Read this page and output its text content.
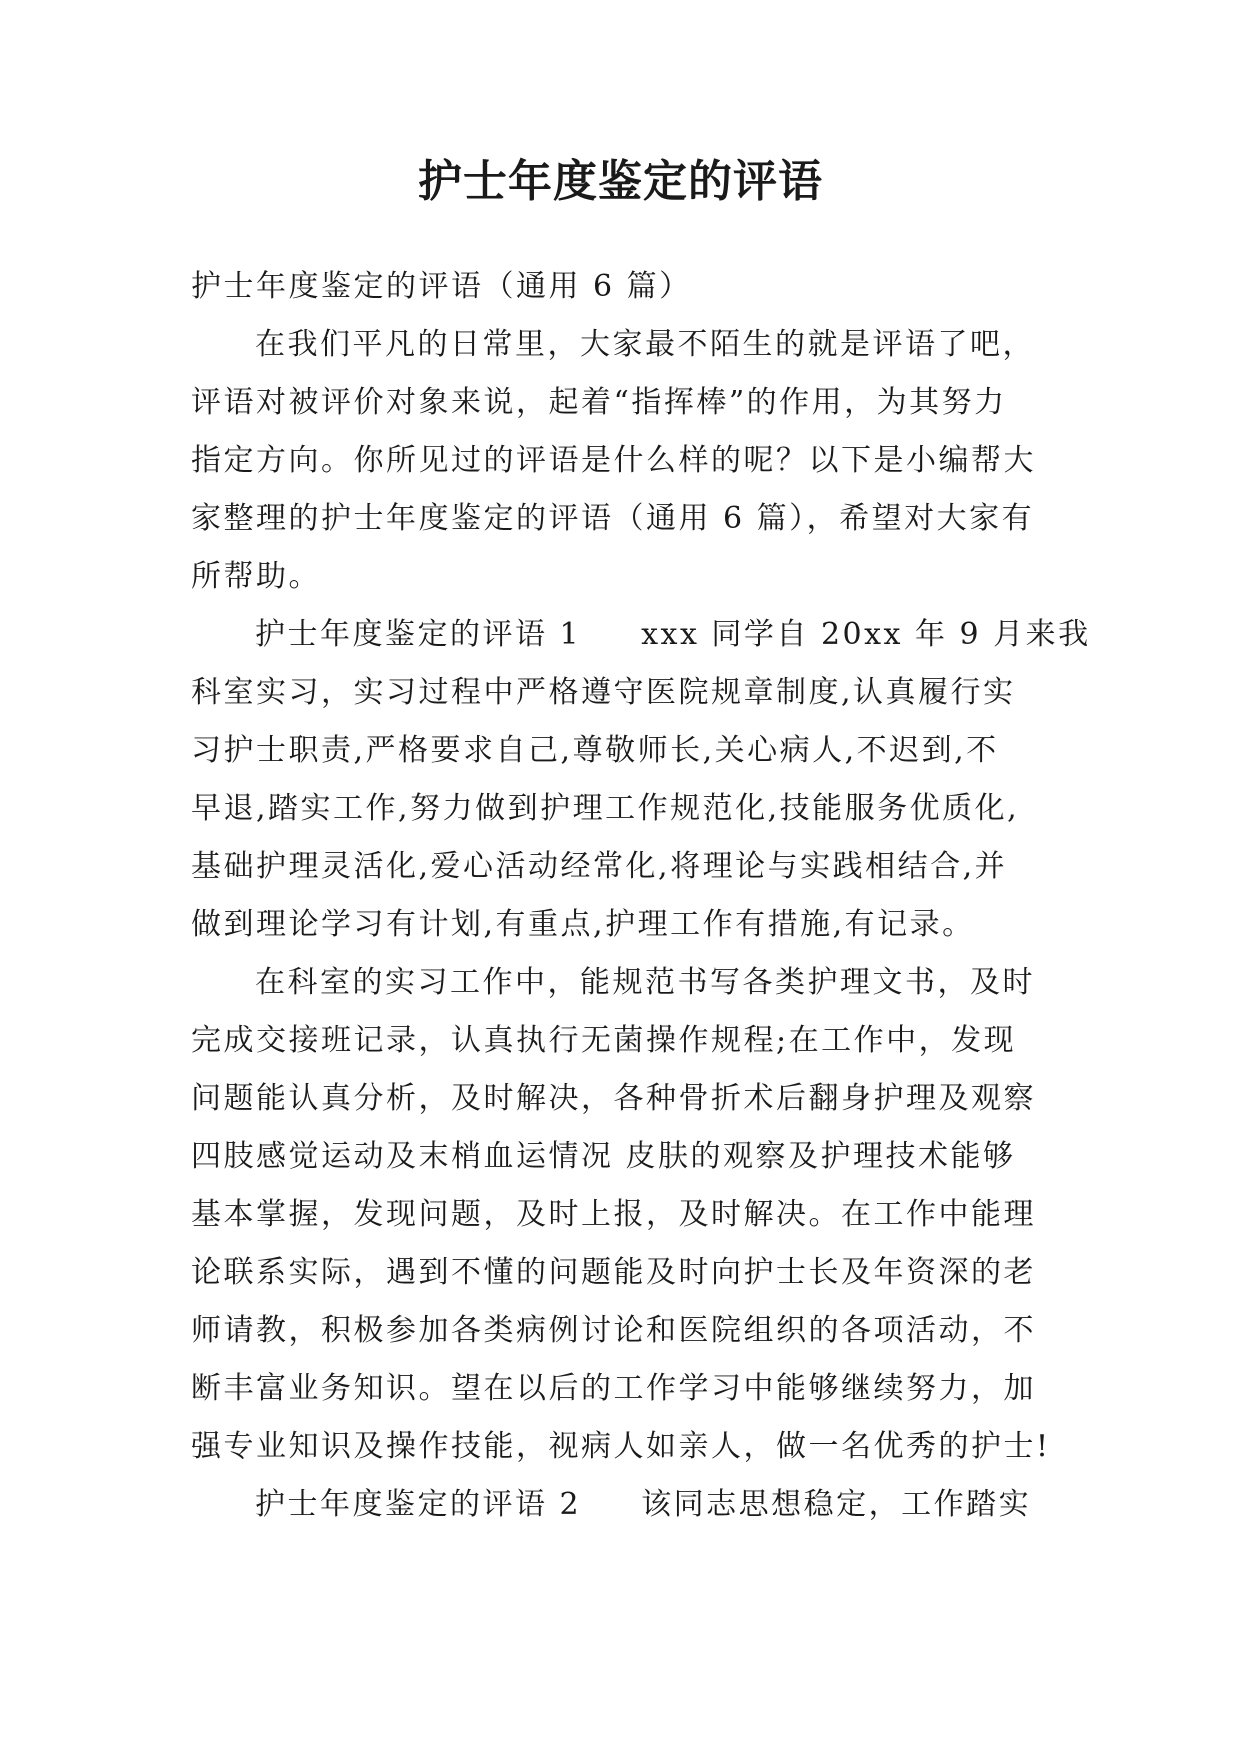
护士年度鉴定的评语
护士年度鉴定的评语（通用 6 篇）
在我们平凡的日常里，大家最不陌生的就是评语了吧，
评语对被评价对象来说，起着“指挥棒”的作用，为其努力
指定方向。你所见过的评语是什么样的呢？以下是小编帮大
家整理的护士年度鉴定的评语（通用 6 篇），希望对大家有
所帮助。
护士年度鉴定的评语 1 xxx 同学自 20xx 年 9 月来我
科室实习，实习过程中严格遵守医院规章制度,认真履行实
习护士职责,严格要求自己,尊敬师长,关心病人,不迟到,不
早退,踏实工作,努力做到护理工作规范化,技能服务优质化,
基础护理灵活化,爱心活动经常化,将理论与实践相结合,并
做到理论学习有计划,有重点,护理工作有措施,有记录。
在科室的实习工作中，能规范书写各类护理文书，及时
完成交接班记录，认真执行无菌操作规程;在工作中，发现
问题能认真分析，及时解决，各种骨折术后翻身护理及观察
四肢感觉运动及末梢血运情况 皮肤的观察及护理技术能够
基本掌握，发现问题，及时上报，及时解决。在工作中能理
论联系实际，遇到不懂的问题能及时向护士长及年资深的老
师请教，积极参加各类病例讨论和医院组织的各项活动，不
断丰富业务知识。望在以后的工作学习中能够继续努力，加
强专业知识及操作技能，视病人如亲人，做一名优秀的护士!
护士年度鉴定的评语 2 该同志思想稳定，工作踏实
